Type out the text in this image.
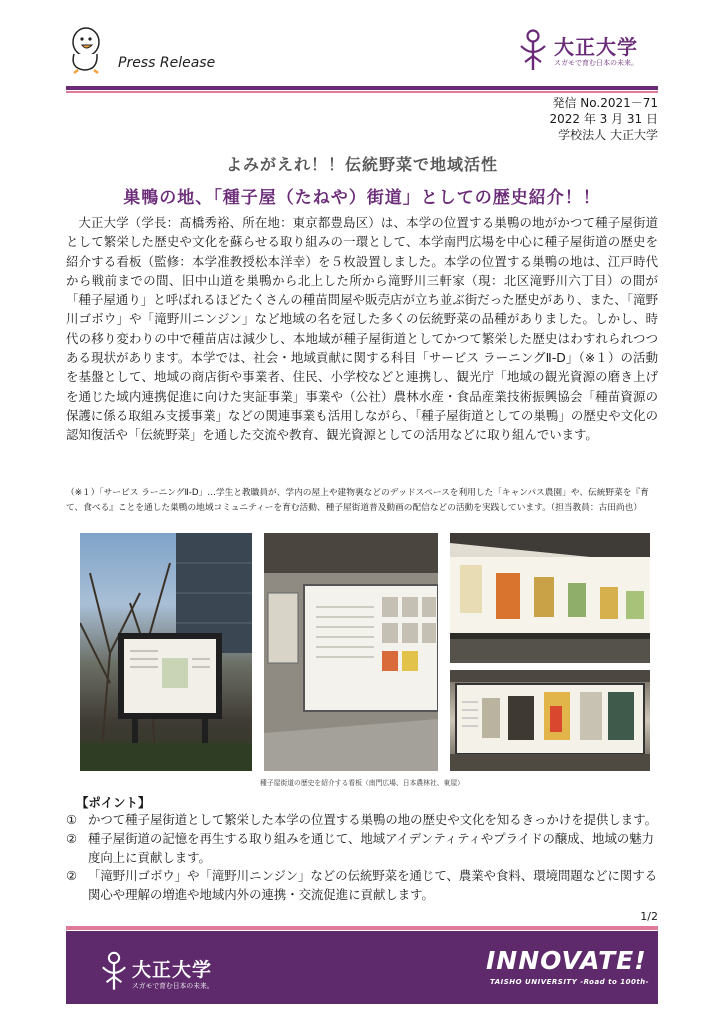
Press Release
大正大学
スガモで育む日本の未来。
発信 No.2021－71
2022 年 3 月 31 日
学校法人 大正大学
よみがえれ！！伝統野菜で地域活性
巣鴨の地、「種子屋（たねや）街道」としての歴史紹介！！
大正大学（学長：髙橋秀裕、所在地：東京都豊島区）は、本学の位置する巣鴨の地がかつて種子屋街道として繁栄した歴史や文化を蘇らせる取り組みの一環として、本学南門広場を中心に種子屋街道の歴史を紹介する看板（監修：本学准教授松本洋幸）を５枚設置しました。本学の位置する巣鴨の地は、江戸時代から戦前までの間、旧中山道を巣鴨から北上した所から滝野川三軒家（現：北区滝野川六丁目）の間が「種子屋通り」と呼ばれるほどたくさんの種苗問屋や販売店が立ち並ぶ街だった歴史があり、また、「滝野川ゴボウ」や「滝野川ニンジン」など地域の名を冠した多くの伝統野菜の品種がありました。しかし、時代の移り変わりの中で種苗店は減少し、本地域が種子屋街道としてかつて繁栄した歴史はわすれられつつある現状があります。本学では、社会・地域貢献に関する科目「サービス ラーニングⅡ-D」（※１）の活動を基盤として、地域の商店街や事業者、住民、小学校などと連携し、観光庁「地域の観光資源の磨き上げを通じた域内連携促進に向けた実証事業」事業や（公社）農林水産・食品産業技術振興協会「種苗資源の保護に係る取組み支援事業」などの関連事業も活用しながら、「種子屋街道としての巣鴨」の歴史や文化の認知復活や「伝統野菜」を通した交流や教育、観光資源としての活用などに取り組んでいます。
（※１）「サービス ラーニングⅡ-D」…学生と教職員が、学内の屋上や建物裏などのデッドスペースを利用した「キャンパス農園」や、伝統野菜を『育て、食べる』ことを通した巣鴨の地域コミュニティーを育む活動、種子屋街道普及動画の配信などの活動を実践しています。（担当教員：古田尚也）
種子屋街道の歴史を紹介する看板（南門広場、日本農林社、東屋）
【ポイント】
① かつて種子屋街道として繁栄した本学の位置する巣鴨の地の歴史や文化を知るきっかけを提供します。
② 種子屋街道の記憶を再生する取り組みを通じて、地域アイデンティティやプライドの醸成、地域の魅力度向上に貢献します。
② 「滝野川ゴボウ」や「滝野川ニンジン」などの伝統野菜を通じて、農業や食料、環境問題などに関する関心や理解の増進や地域内外の連携・交流促進に貢献します。
1/2
大正大学
スガモで育む日本の未来。
INNOVATE!
TAISHO UNIVERSITY -Road to 100th-
